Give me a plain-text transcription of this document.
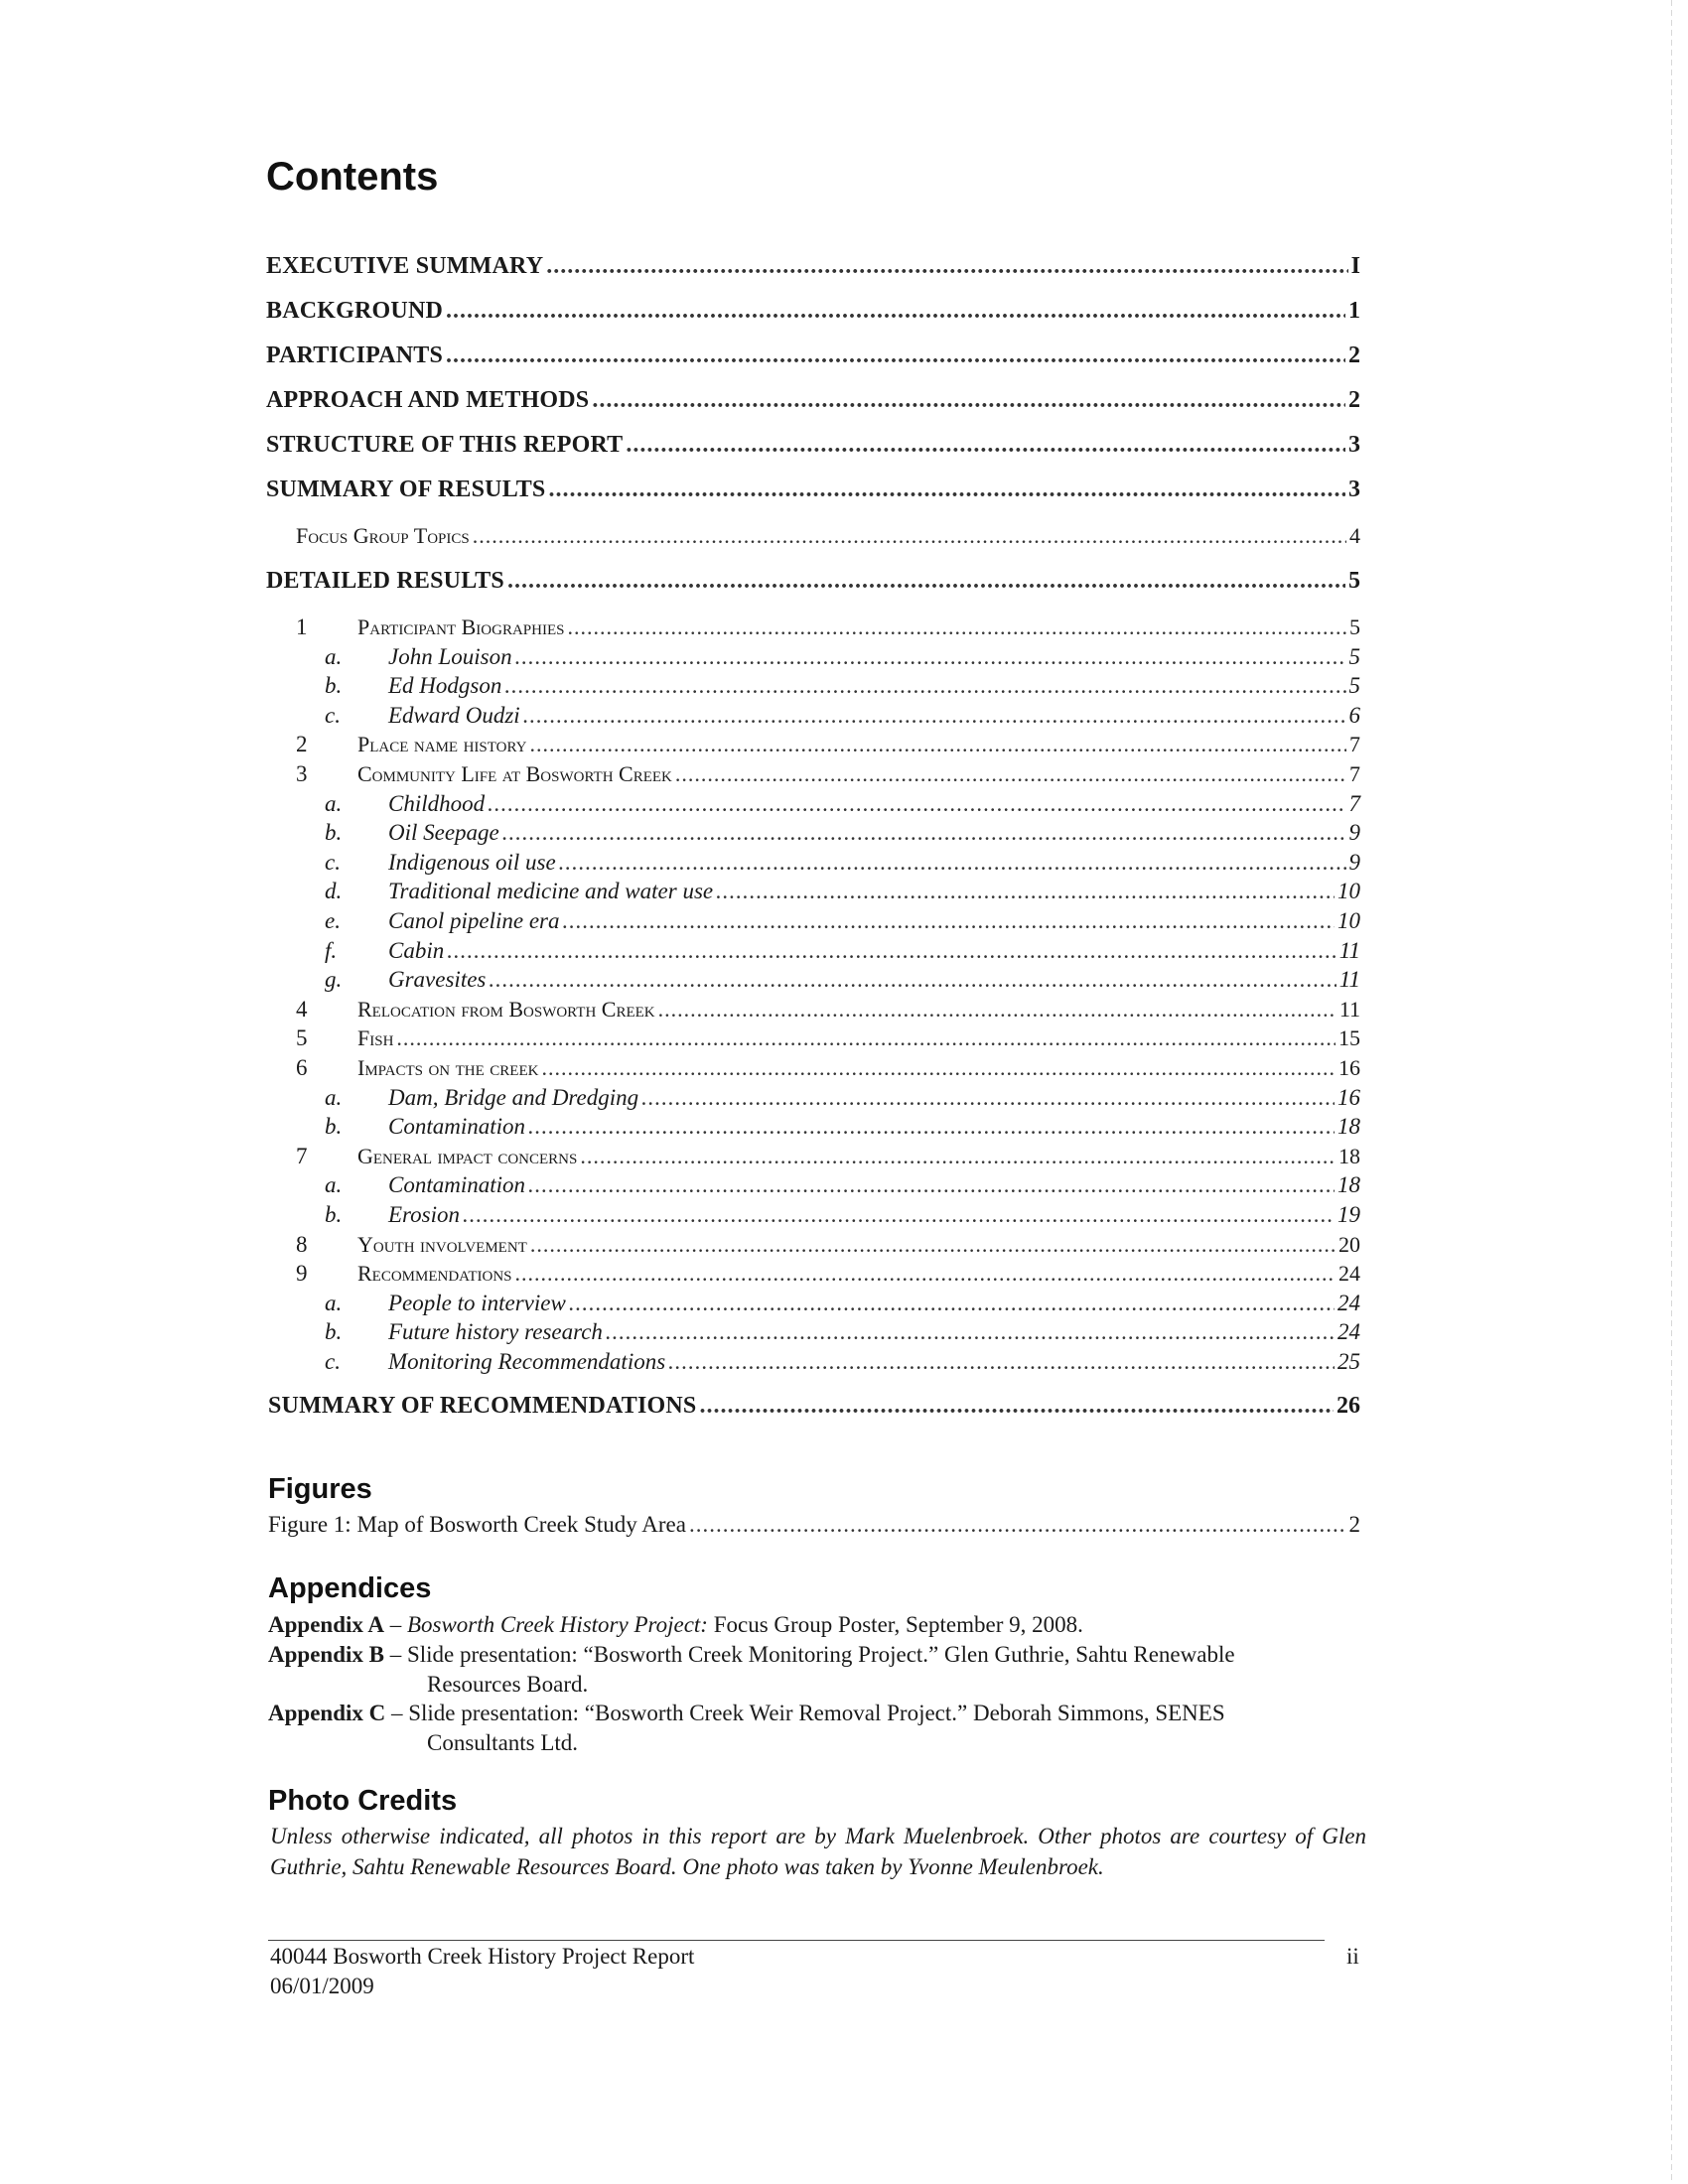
Contents
EXECUTIVE SUMMARY .....	I
BACKGROUND .....	1
PARTICIPANTS .....	2
APPROACH AND METHODS .....	2
STRUCTURE OF THIS REPORT .....	3
SUMMARY OF RESULTS .....	3
Focus Group Topics .....	4
DETAILED RESULTS .....	5
1 Participant Biographies .....	5
a. John Louison .....	5
b. Ed Hodgson .....	5
c. Edward Oudzi .....	6
2 Place name history .....	7
3 Community Life at Bosworth Creek .....	7
a. Childhood .....	7
b. Oil Seepage .....	9
c. Indigenous oil use .....	9
d. Traditional medicine and water use .....	10
e. Canol pipeline era .....	10
f. Cabin .....	11
g. Gravesites .....	11
4 Relocation from Bosworth Creek .....	11
5 Fish .....	15
6 Impacts on the creek .....	16
a. Dam, Bridge and Dredging .....	16
b. Contamination .....	18
7 General impact concerns .....	18
a. Contamination .....	18
b. Erosion .....	19
8 Youth involvement .....	20
9 Recommendations .....	24
a. People to interview .....	24
b. Future history research .....	24
c. Monitoring Recommendations .....	25
SUMMARY OF RECOMMENDATIONS .....	26
Figures
Figure 1: Map of Bosworth Creek Study Area .....	2
Appendices
Appendix A – Bosworth Creek History Project: Focus Group Poster, September 9, 2008.
Appendix B – Slide presentation: “Bosworth Creek Monitoring Project.” Glen Guthrie, Sahtu Renewable
Resources Board.
Appendix C – Slide presentation: “Bosworth Creek Weir Removal Project.” Deborah Simmons, SENES
Consultants Ltd.
Photo Credits
Unless otherwise indicated, all photos in this report are by Mark Muelenbroek. Other photos are courtesy of Glen Guthrie, Sahtu Renewable Resources Board. One photo was taken by Yvonne Meulenbroek.
40044 Bosworth Creek History Project Report
06/01/2009
ii
